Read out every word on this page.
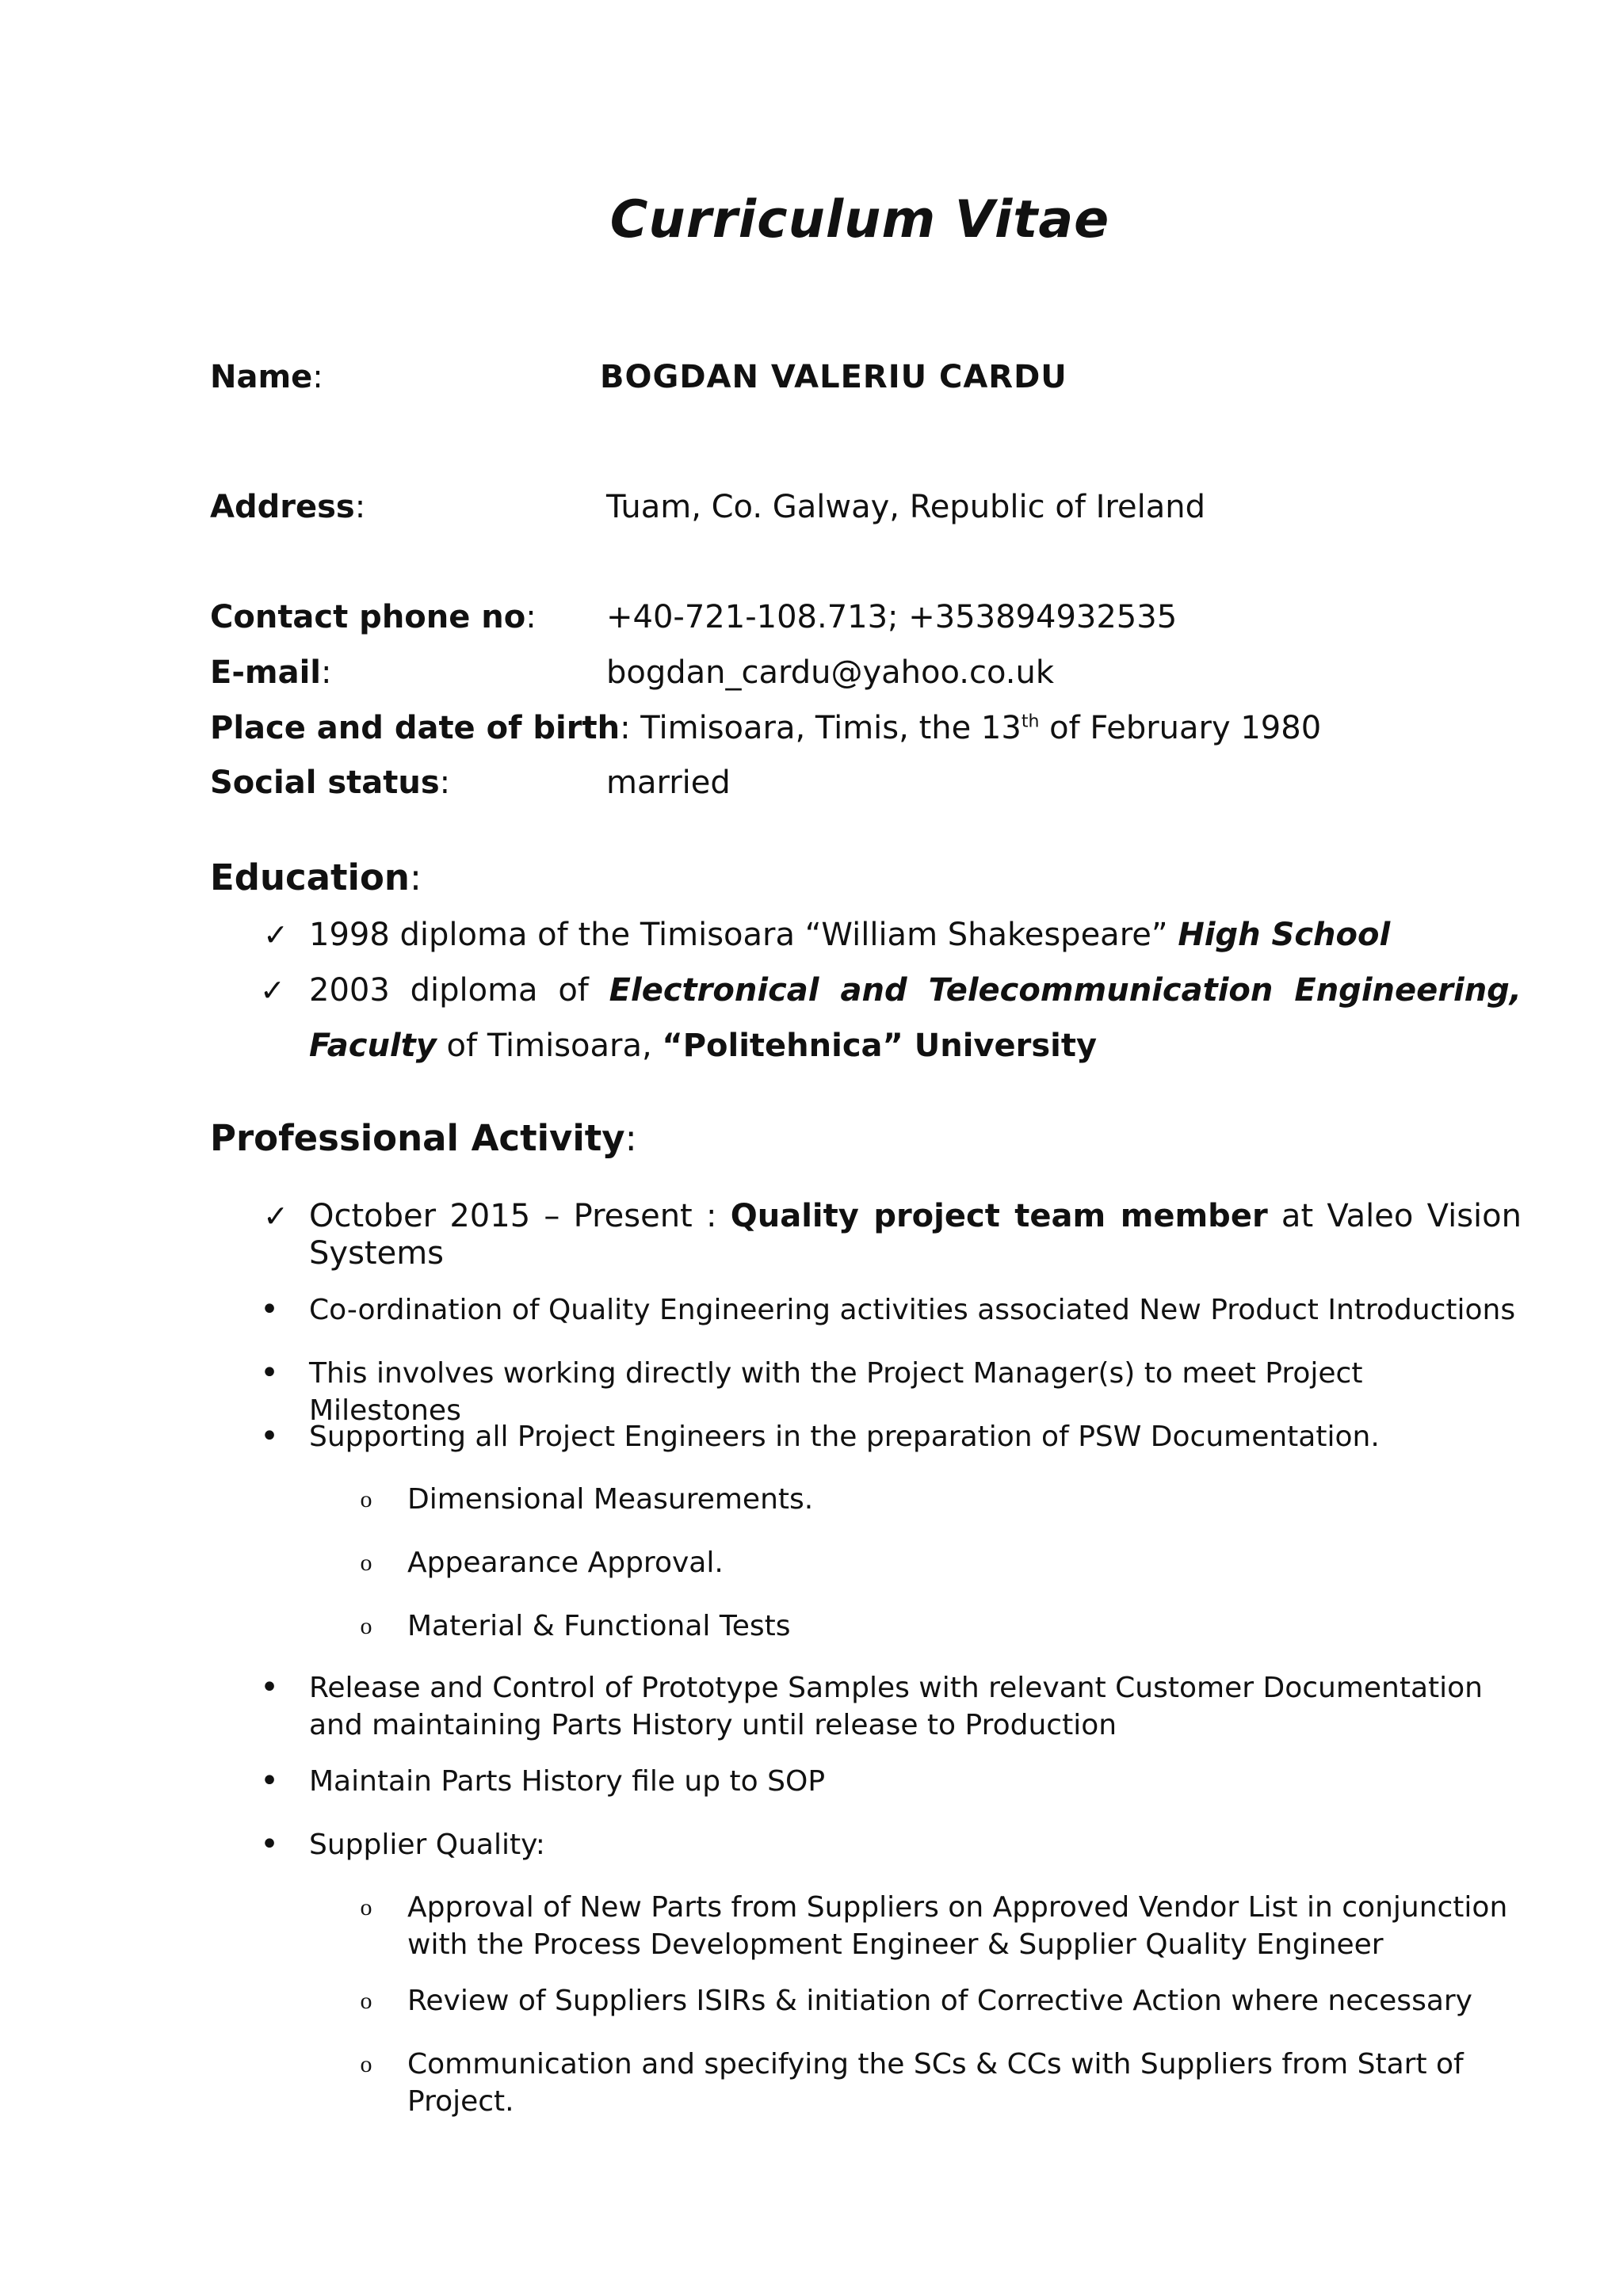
Curriculum Vitae
Name:	BOGDAN VALERIU CARDU
Address:	Tuam, Co. Galway, Republic of Ireland
Contact phone no: +40-721-108.713; +353894932535
E-mail:	bogdan_cardu@yahoo.co.uk
Place and date of birth: Timisoara, Timis, the 13th of February 1980
Social status:	married
Education:
✓ 1998 diploma of the Timisoara “William Shakespeare” High School
✓ 2003 diploma of Electronical and Telecommunication Engineering,
Faculty of Timisoara, “Politehnica” University
Professional Activity:
✓ October 2015 – Present : Quality project team member at Valeo Vision Systems
• Co-ordination of Quality Engineering activities associated New Product Introductions
• This involves working directly with the Project Manager(s) to meet Project Milestones
• Supporting all Project Engineers in the preparation of PSW Documentation.
o	Dimensional Measurements.
o	Appearance Approval.
o	Material & Functional Tests
• Release and Control of Prototype Samples with relevant Customer Documentation and maintaining Parts History until release to Production
• Maintain Parts History file up to SOP
• Supplier Quality:
o	Approval of New Parts from Suppliers on Approved Vendor List in conjunction with the Process Development Engineer & Supplier Quality Engineer
o	Review of Suppliers ISIRs & initiation of Corrective Action where necessary
o	Communication and specifying the SCs & CCs with Suppliers from Start of Project.
